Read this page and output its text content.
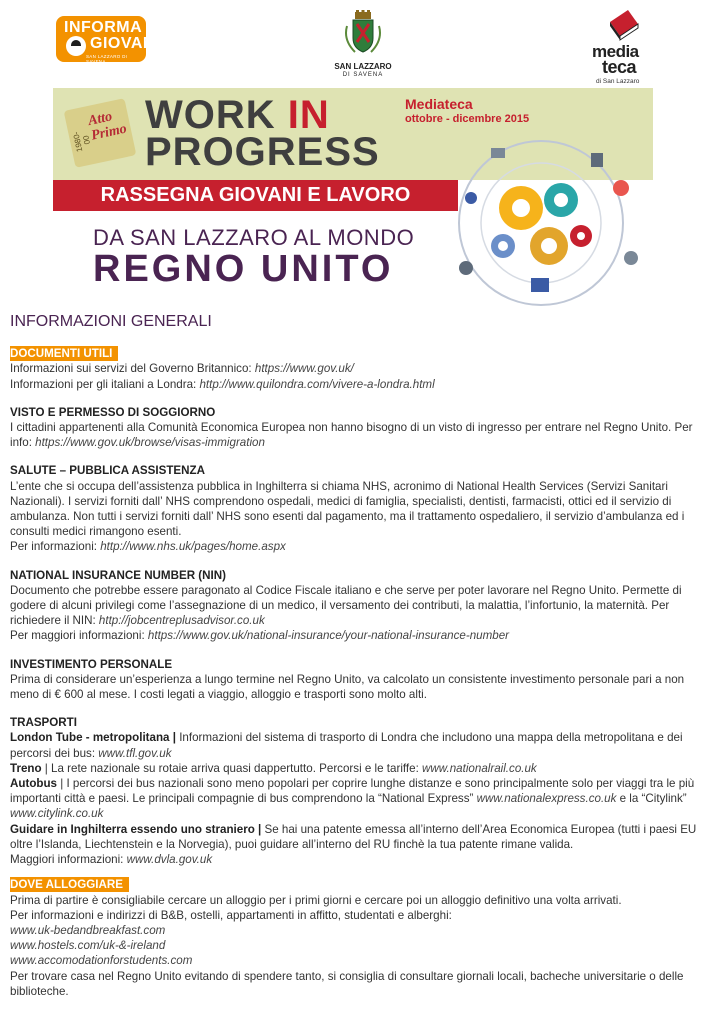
INFORMA
GIOVANI
SAN LAZZARO DI SAVENA
SAN LAZZARO
DI SAVENA
media
teca
di San Lazzaro
1980-00
Atto Primo WORK IN
PROGRESS
Mediateca
ottobre - dicembre 2015
RASSEGNA GIOVANI E LAVORO
DA SAN LAZZARO AL MONDO
REGNO UNITO
INFORMAZIONI GENERALI
DOCUMENTI UTILI

Informazioni sui servizi del Governo Britannico: https://www.gov.uk/

Informazioni per gli italiani a Londra: http://www.quilondra.com/vivere-a-londra.html

VISTO E PERMESSO DI SOGGIORNO

I cittadini appartenenti alla Comunità Economica Europea non hanno bisogno di un visto di ingresso per entrare nel Regno Unito. Per info: https://www.gov.uk/browse/visas-immigration

SALUTE – PUBBLICA ASSISTENZA

L’ente che si occupa dell’assistenza pubblica in Inghilterra si chiama NHS, acronimo di National Health Services (Servizi Sanitari Nazionali). I servizi forniti dall’ NHS comprendono ospedali, medici di famiglia, specialisti, dentisti, farmacisti, ottici ed il servizio di ambulanza. Non tutti i servizi forniti dall’ NHS sono esenti dal pagamento, ma il trattamento ospedaliero, il servizio d’ambulanza ed i consulti medici rimangono esenti.

Per informazioni: http://www.nhs.uk/pages/home.aspx

NATIONAL INSURANCE NUMBER (NIN)

Documento che potrebbe essere paragonato al Codice Fiscale italiano e che serve per poter lavorare nel Regno Unito. Permette di godere di alcuni privilegi come l’assegnazione di un medico, il versamento dei contributi, la malattia, l’infortunio, la maternità. Per richiedere il NIN: http://jobcentreplusadvisor.co.uk

Per maggiori informazioni: https://www.gov.uk/national-insurance/your-national-insurance-number

INVESTIMENTO PERSONALE

Prima di considerare un’esperienza a lungo termine nel Regno Unito, va calcolato un consistente investimento personale pari a non meno di € 600 al mese. I costi legati a viaggio, alloggio e trasporti sono molto alti.

TRASPORTI

London Tube - metropolitana | Informazioni del sistema di trasporto di Londra che includono una mappa della metropolitana e dei percorsi dei bus: www.tfl.gov.uk

Treno | La rete nazionale su rotaie arriva quasi dappertutto. Percorsi e le tariffe: www.nationalrail.co.uk

Autobus | I percorsi dei bus nazionali sono meno popolari per coprire lunghe distanze e sono principalmente solo per viaggi tra le più importanti città e paesi. Le principali compagnie di bus comprendono la “National Express” www.nationalexpress.co.uk e la “Citylink” www.citylink.co.uk

Guidare in Inghilterra essendo uno straniero | Se hai una patente emessa all’interno dell’Area Economica Europea (tutti i paesi EU oltre l’Islanda, Liechtenstein e la Norvegia), puoi guidare all’interno del RU finchè la tua patente rimane valida.

Maggiori informazioni: www.dvla.gov.uk

DOVE ALLOGGIARE

Prima di partire è consigliabile cercare un alloggio per i primi giorni e cercare poi un alloggio definitivo una volta arrivati.

Per informazioni e indirizzi di B&B, ostelli, appartamenti in affitto, studentati e alberghi:

www.uk-bedandbreakfast.com

www.hostels.com/uk-&-ireland

www.accomodationforstudents.com

Per trovare casa nel Regno Unito evitando di spendere tanto, si consiglia di consultare giornali locali, bacheche universitarie o delle biblioteche.
